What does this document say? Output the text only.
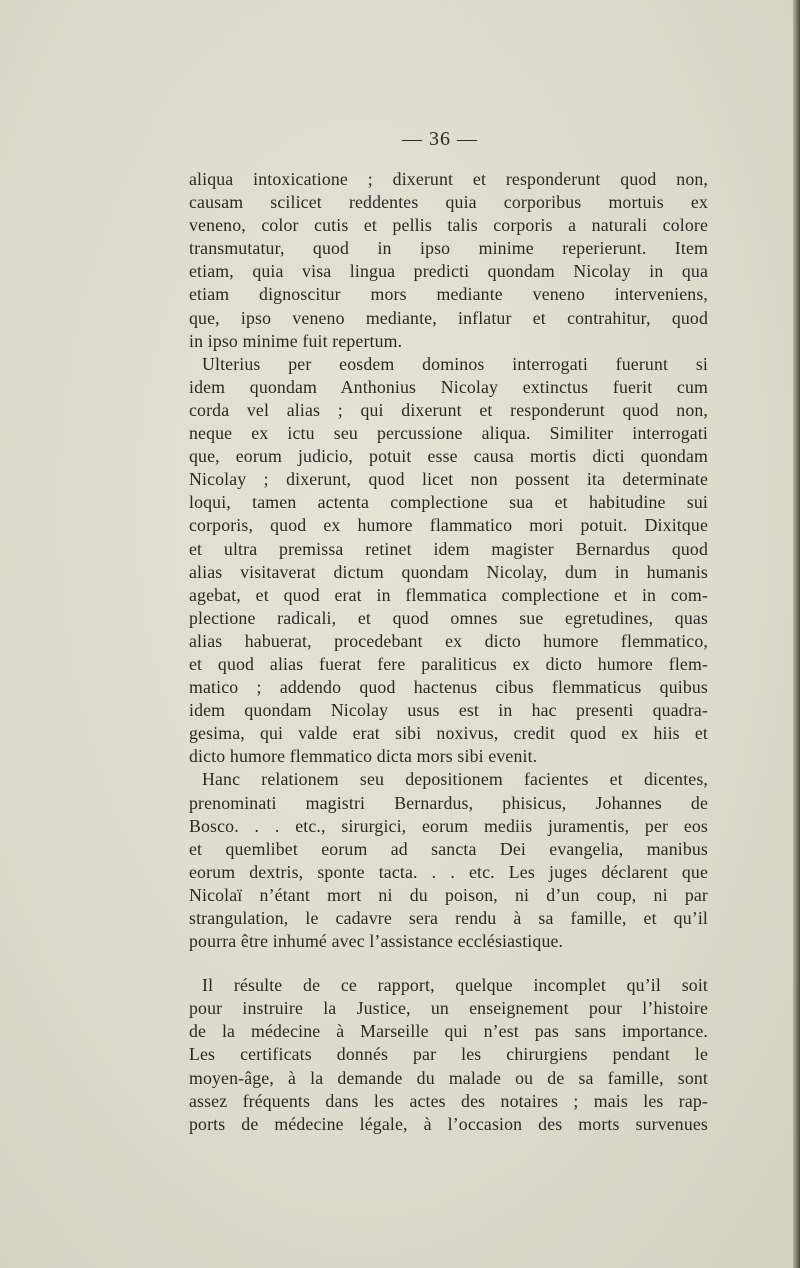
— 36 —
aliqua intoxicatione ; dixerunt et responderunt quod non,
causam scilicet reddentes quia corporibus mortuis ex
veneno, color cutis et pellis talis corporis a naturali colore
transmutatur, quod in ipso minime reperierunt. Item
etiam, quia visa lingua predicti quondam Nicolay in qua
etiam dignoscitur mors mediante veneno interveniens,
que, ipso veneno mediante, inflatur et contrahitur, quod
in ipso minime fuit repertum.
Ulterius per eosdem dominos interrogati fuerunt si
idem quondam Anthonius Nicolay extinctus fuerit cum
corda vel alias ; qui dixerunt et responderunt quod non,
neque ex ictu seu percussione aliqua. Similiter interrogati
que, eorum judicio, potuit esse causa mortis dicti quondam
Nicolay ; dixerunt, quod licet non possent ita determinate
loqui, tamen actenta complectione sua et habitudine sui
corporis, quod ex humore flammatico mori potuit. Dixitque
et ultra premissa retinet idem magister Bernardus quod
alias visitaverat dictum quondam Nicolay, dum in humanis
agebat, et quod erat in flemmatica complectione et in com-
plectione radicali, et quod omnes sue egretudines, quas
alias habuerat, procedebant ex dicto humore flemmatico,
et quod alias fuerat fere paraliticus ex dicto humore flem-
matico ; addendo quod hactenus cibus flemmaticus quibus
idem quondam Nicolay usus est in hac presenti quadra-
gesima, qui valde erat sibi noxivus, credit quod ex hiis et
dicto humore flemmatico dicta mors sibi evenit.
Hanc relationem seu depositionem facientes et dicentes,
prenominati magistri Bernardus, phisicus, Johannes de
Bosco. . . etc., sirurgici, eorum mediis juramentis, per eos
et quemlibet eorum ad sancta Dei evangelia, manibus
eorum dextris, sponte tacta. . . etc. Les juges déclarent que
Nicolaï n’étant mort ni du poison, ni d’un coup, ni par
strangulation, le cadavre sera rendu à sa famille, et qu’il
pourra être inhumé avec l’assistance ecclésiastique.
Il résulte de ce rapport, quelque incomplet qu’il soit
pour instruire la Justice, un enseignement pour l’histoire
de la médecine à Marseille qui n’est pas sans importance.
Les certificats donnés par les chirurgiens pendant le
moyen-âge, à la demande du malade ou de sa famille, sont
assez fréquents dans les actes des notaires ; mais les rap-
ports de médecine légale, à l’occasion des morts survenues
